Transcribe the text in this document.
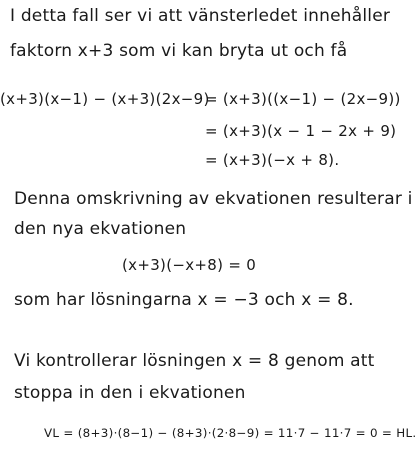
I detta fall ser vi att vänsterledet innehåller
faktorn x+3 som vi kan bryta ut och få
(x+3)(x−1) − (x+3)(2x−9)
= (x+3)((x−1) − (2x−9))
= (x+3)(x − 1 − 2x + 9)
= (x+3)(−x + 8).
Denna omskrivning av ekvationen resulterar i
den nya ekvationen
(x+3)(−x+8) = 0
som har lösningarna x = −3 och x = 8.
Vi kontrollerar lösningen x = 8 genom att
stoppa in den i ekvationen
VL = (8+3)·(8−1) − (8+3)·(2·8−9) = 11·7 − 11·7 = 0 = HL.
